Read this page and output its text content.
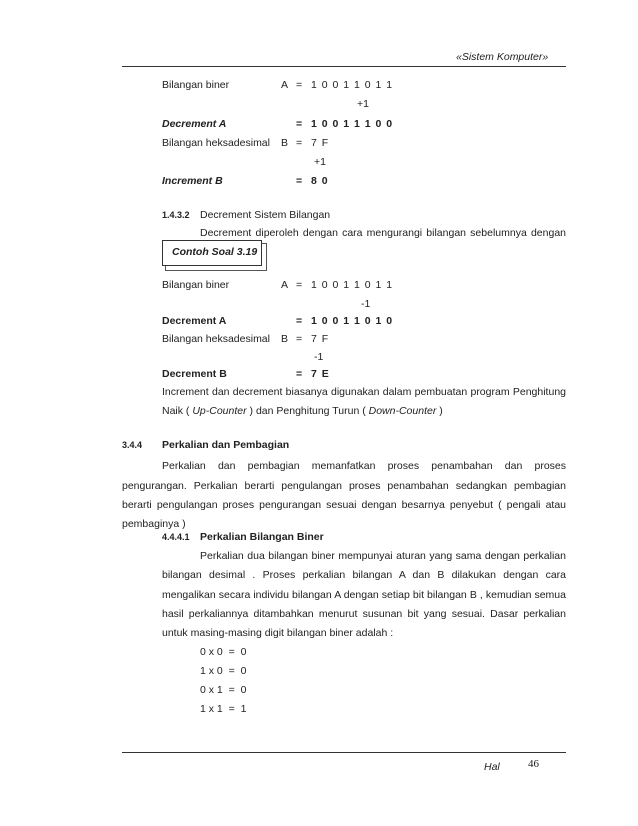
«Sistem Komputer»
Bilangan biner	A = 1 0 0 1 1 0 1 1
+1
Decrement A	= 1 0 0 1 1 1 0 0
Bilangan heksadesimal B = 7 F
+1
Increment B	= 8 0
1.4.3.2 Decrement Sistem Bilangan
Decrement diperoleh dengan cara mengurangi bilangan sebelumnya dengan
Contoh Soal 3.19
Bilangan biner	A = 1 0 0 1 1 0 1 1
-1
Decrement A	= 1 0 0 1 1 0 1 0
Bilangan heksadesimal B = 7 F
-1
Decrement B	= 7 E
Increment dan decrement biasanya digunakan dalam pembuatan program Penghitung
Naik ( Up-Counter ) dan Penghitung Turun ( Down-Counter )
3.4.4 Perkalian dan Pembagian
Perkalian dan pembagian memanfatkan proses penambahan dan proses
pengurangan. Perkalian berarti pengulangan proses penambahan sedangkan pembagian
berarti pengulangan proses pengurangan sesuai dengan besarnya penyebut ( pengali atau
pembaginya )
4.4.4.1 Perkalian Bilangan Biner
Perkalian dua bilangan biner mempunyai aturan yang sama dengan perkalian
bilangan desimal . Proses perkalian bilangan A dan B dilakukan dengan cara
mengalikan secara individu bilangan A dengan setiap bit bilangan B , kemudian semua
hasil perkaliannya ditambahkan menurut susunan bit yang sesuai. Dasar perkalian
untuk masing-masing digit bilangan biner adalah :
0 x 0  =  0
1 x 0  =  0
0 x 1  =  0
1 x 1  =  1
Hal	46
